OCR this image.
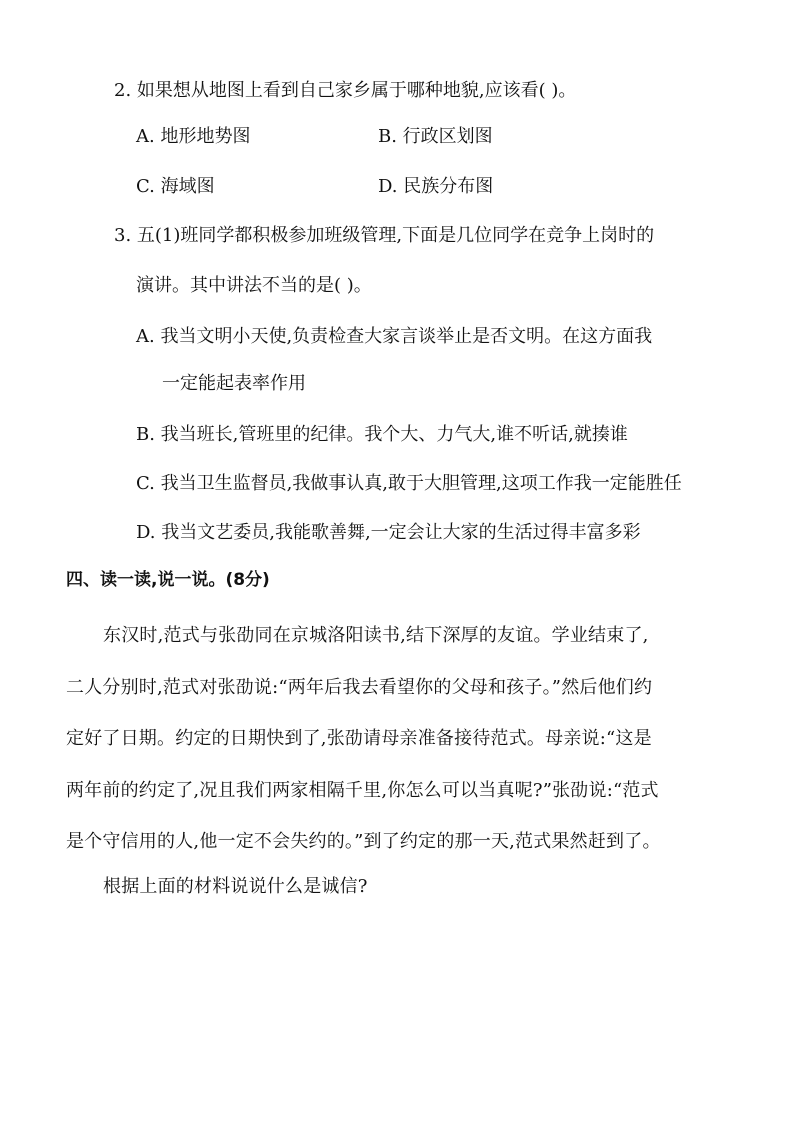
2. 如果想从地图上看到自己家乡属于哪种地貌,应该看( )。
A. 地形地势图	B. 行政区划图
C. 海域图	D. 民族分布图
3. 五(1)班同学都积极参加班级管理,下面是几位同学在竞争上岗时的
演讲。其中讲法不当的是( )。
A. 我当文明小天使,负责检查大家言谈举止是否文明。在这方面我
一定能起表率作用
B. 我当班长,管班里的纪律。我个大、力气大,谁不听话,就揍谁
C. 我当卫生监督员,我做事认真,敢于大胆管理,这项工作我一定能胜任
D. 我当文艺委员,我能歌善舞,一定会让大家的生活过得丰富多彩
四、读一读,说一说。(8分)
东汉时,范式与张劭同在京城洛阳读书,结下深厚的友谊。学业结束了,
二人分别时,范式对张劭说:“两年后我去看望你的父母和孩子。”然后他们约
定好了日期。约定的日期快到了,张劭请母亲准备接待范式。母亲说:“这是
两年前的约定了,况且我们两家相隔千里,你怎么可以当真呢?”张劭说:“范式
是个守信用的人,他一定不会失约的。”到了约定的那一天,范式果然赶到了。
根据上面的材料说说什么是诚信?
